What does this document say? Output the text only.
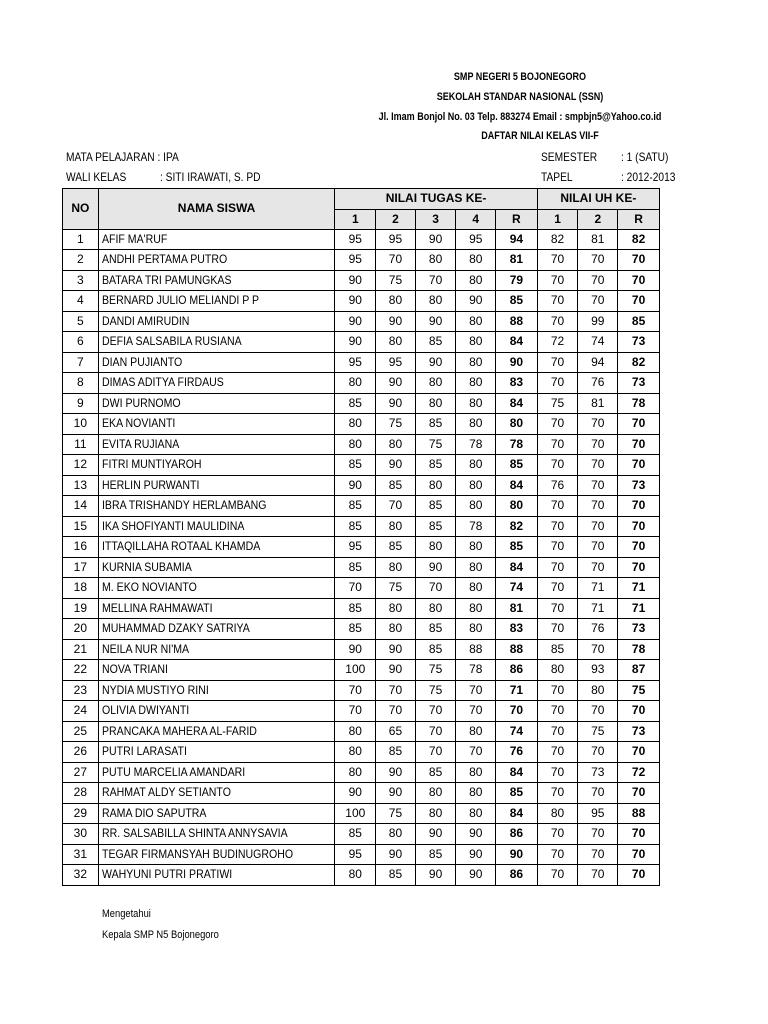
SMP NEGERI 5 BOJONEGORO
SEKOLAH STANDAR NASIONAL (SSN)
Jl. Imam Bonjol No. 03 Telp. 883274 Email : smpbjn5@Yahoo.co.id
DAFTAR NILAI KELAS VII-F
MATA PELAJARAN : IPA
WALI KELAS	: SITI IRAWATI, S. PD
SEMESTER : 1 (SATU)
TAPEL	: 2012-2013
NO	NAMA SISWA	NILAI TUGAS KE-					NILAI UH KE-		
		1	2	3	4	R	1	2	R
1	AFIF MA'RUF	95	95	90	95	94	82	81	82
2	ANDHI PERTAMA PUTRO	95	70	80	80	81	70	70	70
3	BATARA TRI PAMUNGKAS	90	75	70	80	79	70	70	70
4	BERNARD JULIO MELIANDI P P	90	80	80	90	85	70	70	70
5	DANDI AMIRUDIN	90	90	90	80	88	70	99	85
6	DEFIA SALSABILA RUSIANA	90	80	85	80	84	72	74	73
7	DIAN PUJIANTO	95	95	90	80	90	70	94	82
8	DIMAS ADITYA FIRDAUS	80	90	80	80	83	70	76	73
9	DWI PURNOMO	85	90	80	80	84	75	81	78
10	EKA NOVIANTI	80	75	85	80	80	70	70	70
11	EVITA RUJIANA	80	80	75	78	78	70	70	70
12	FITRI MUNTIYAROH	85	90	85	80	85	70	70	70
13	HERLIN PURWANTI	90	85	80	80	84	76	70	73
14	IBRA TRISHANDY HERLAMBANG	85	70	85	80	80	70	70	70
15	IKA SHOFIYANTI MAULIDINA	85	80	85	78	82	70	70	70
16	ITTAQILLAHA ROTAAL KHAMDA	95	85	80	80	85	70	70	70
17	KURNIA SUBAMIA	85	80	90	80	84	70	70	70
18	M. EKO NOVIANTO	70	75	70	80	74	70	71	71
19	MELLINA RAHMAWATI	85	80	80	80	81	70	71	71
20	MUHAMMAD DZAKY SATRIYA	85	80	85	80	83	70	76	73
21	NEILA NUR NI'MA	90	90	85	88	88	85	70	78
22	NOVA TRIANI	100	90	75	78	86	80	93	87
23	NYDIA MUSTIYO RINI	70	70	75	70	71	70	80	75
24	OLIVIA DWIYANTI	70	70	70	70	70	70	70	70
25	PRANCAKA MAHERA AL-FARID	80	65	70	80	74	70	75	73
26	PUTRI LARASATI	80	85	70	70	76	70	70	70
27	PUTU MARCELIA AMANDARI	80	90	85	80	84	70	73	72
28	RAHMAT ALDY SETIANTO	90	90	80	80	85	70	70	70
29	RAMA DIO SAPUTRA	100	75	80	80	84	80	95	88
30	RR. SALSABILLA SHINTA ANNYSAVIA	85	80	90	90	86	70	70	70
31	TEGAR FIRMANSYAH BUDINUGROHO	95	90	85	90	90	70	70	70
32	WAHYUNI PUTRI PRATIWI	80	85	90	90	86	70	70	70
Mengetahui
Kepala SMP N5 Bojonegoro
